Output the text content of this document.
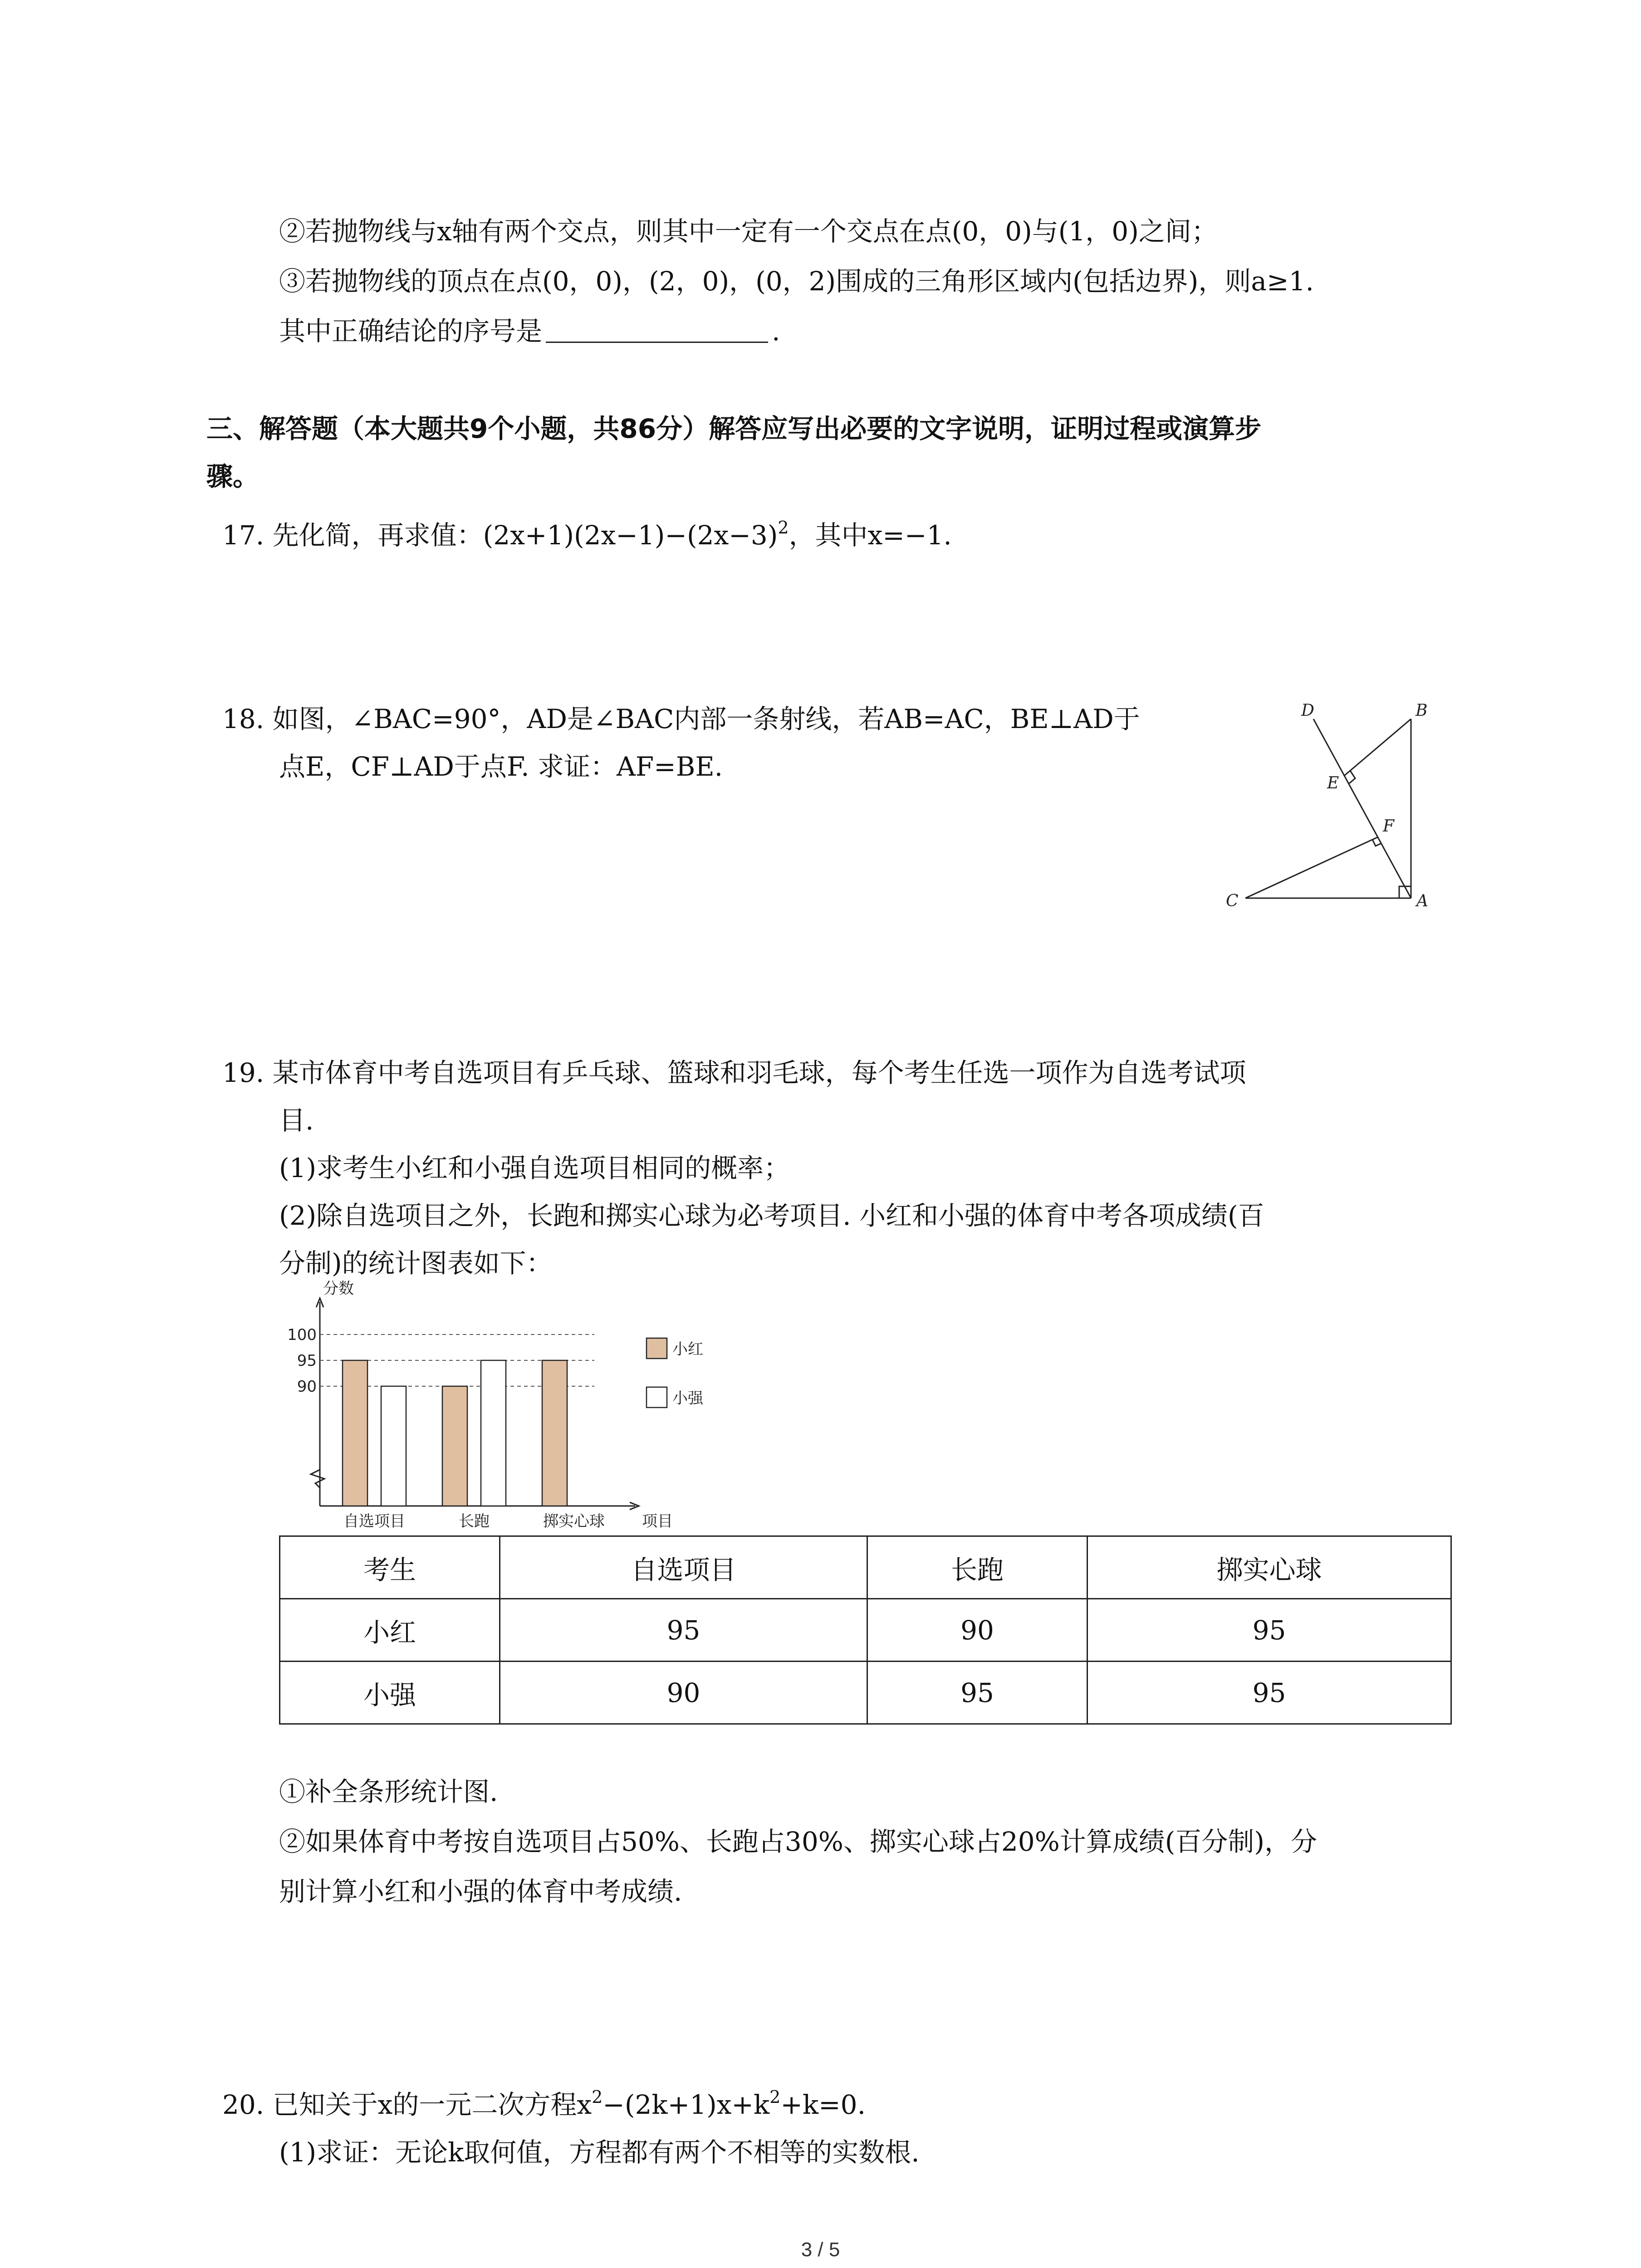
②若抛物线与x轴有两个交点，则其中一定有一个交点在点(0，0)与(1，0)之间；
③若抛物线的顶点在点(0，0)，(2，0)，(0，2)围成的三角形区域内(包括边界)，则a≥1.
其中正确结论的序号是	.
三、解答题（本大题共9个小题，共86分）解答应写出必要的文字说明，证明过程或演算步
骤。
17. 先化简，再求值：$(2x+1)(2x-1)-(2x-3)^2$，其中x=−1.
18. 如图，∠BAC=90°，AD是∠BAC内部一条射线，若AB=AC，BE⊥AD于
点E，CF⊥AD于点F. 求证：AF=BE.
D	B
E
F
C	A
19. 某市体育中考自选项目有乒乓球、篮球和羽毛球，每个考生任选一项作为自选考试项
目.
(1)求考生小红和小强自选项目相同的概率；
(2)除自选项目之外，长跑和掷实心球为必考项目. 小红和小强的体育中考各项成绩(百
分制)的统计图表如下：
90
95
100
分数
项目
自选项目	长跑	掷实心球
小红
小强
考生	自选项目	长跑	掷实心球
小红	95	90	95
小强	90	95	95
①补全条形统计图.
②如果体育中考按自选项目占50%、长跑占30%、掷实心球占20%计算成绩(百分制)，分
别计算小红和小强的体育中考成绩.
20. 已知关于x的一元二次方程$x^2-(2k+1)x+k^2+k=0$.
(1)求证：无论k取何值，方程都有两个不相等的实数根.
3 / 5
